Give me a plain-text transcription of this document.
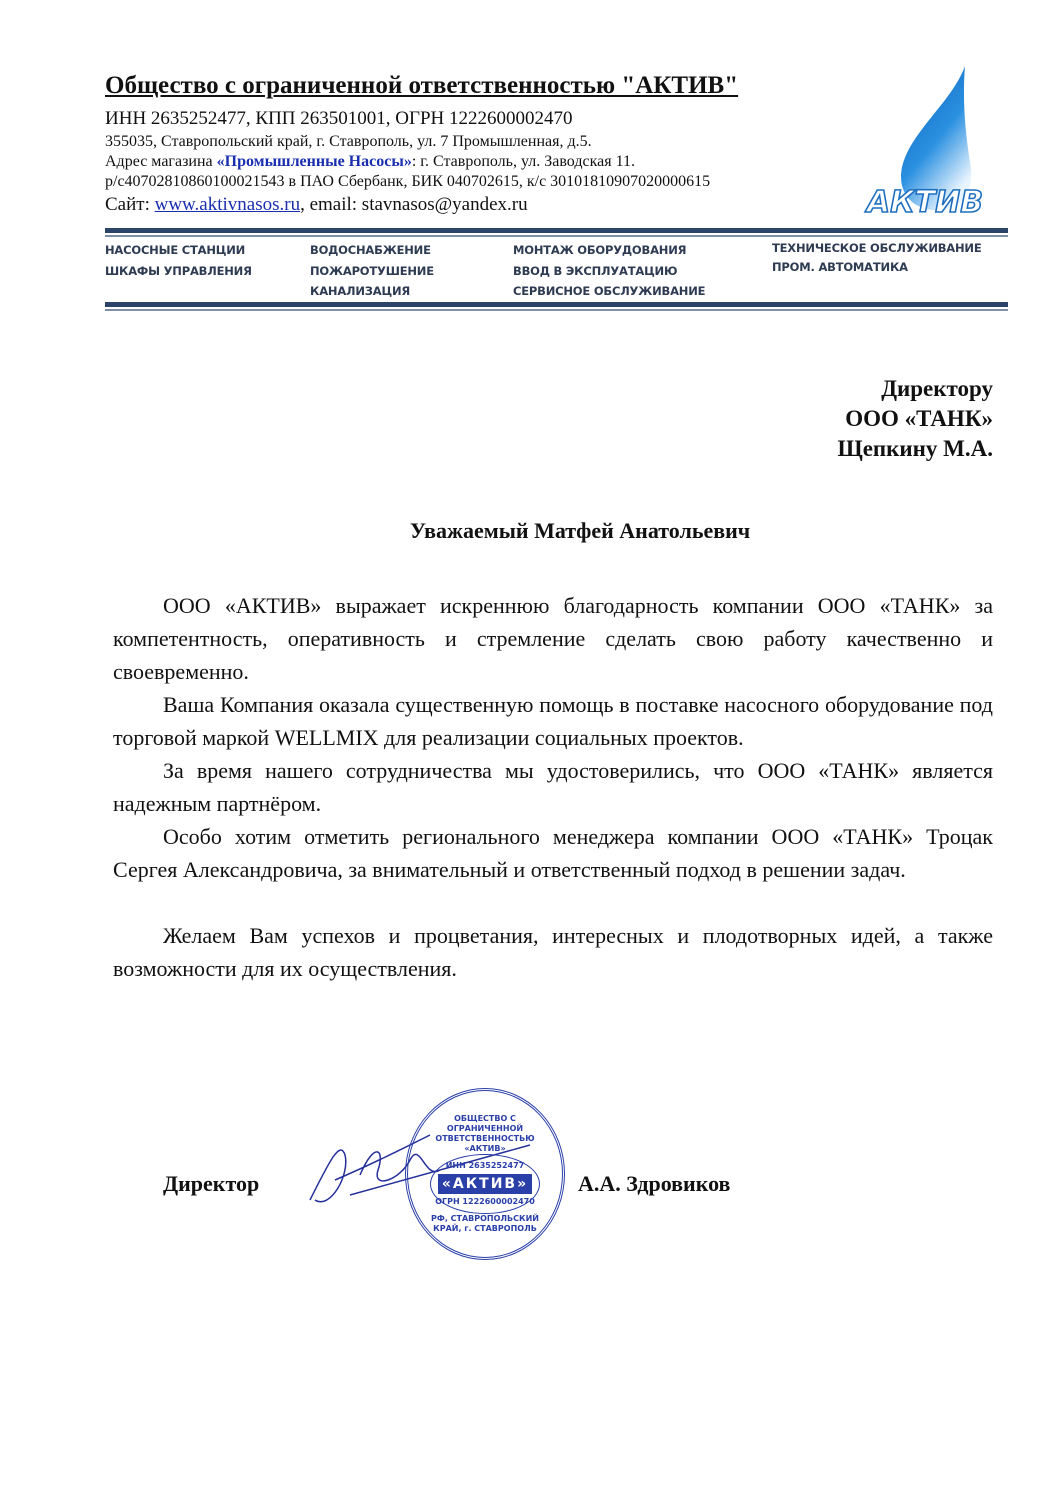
Общество с ограниченной ответственностью "АКТИВ"
ИНН 2635252477, КПП 263501001, ОГРН 1222600002470
355035, Ставропольский край, г. Ставрополь, ул. 7 Промышленная, д.5.
Адрес магазина «Промышленные Насосы»: г. Ставрополь, ул. Заводская 11.
р/с40702810860100021543 в ПАО Сбербанк, БИК 040702615, к/с 30101810907020000615
Сайт: www.aktivnasos.ru, email: stavnasos@yandex.ru	АКТИВ
НАСОСНЫЕ СТАНЦИИ
ШКАФЫ УПРАВЛЕНИЯ
ВОДОСНАБЖЕНИЕ
ПОЖАРОТУШЕНИЕ
КАНАЛИЗАЦИЯ
МОНТАЖ ОБОРУДОВАНИЯ
ВВОД В ЭКСПЛУАТАЦИЮ
СЕРВИСНОЕ ОБСЛУЖИВАНИЕ
ТЕХНИЧЕСКОЕ ОБСЛУЖИВАНИЕ
ПРОМ. АВТОМАТИКА
Директору
ООО «ТАНК»
Щепкину М.А.
Уважаемый Матфей Анатольевич

ООО «АКТИВ» выражает искреннюю благодарность компании ООО «ТАНК» за компетентность, оперативность и стремление сделать свою работу качественно и своевременно.

Ваша Компания оказала существенную помощь в поставке насосного оборудование под торговой маркой WELLMIX для реализации социальных проектов.

За время нашего сотрудничества мы удостоверились, что ООО «ТАНК» является надежным партнёром.

Особо хотим отметить регионального менеджера компании ООО «ТАНК» Троцак Сергея Александровича, за внимательный и ответственный подход в решении задач.

Желаем Вам успехов и процветания, интересных и плодотворных идей, а также возможности для их осуществления.

Директор
ОБЩЕСТВО С ОГРАНИЧЕННОЙ ОТВЕТСТВЕННОСТЬЮ «АКТИВ»
ИНН 2635252477
«АКТИВ»
ОГРН 1222600002470
РФ, СТАВРОПОЛЬСКИЙ КРАЙ, г. СТАВРОПОЛЬ
А.А. Здровиков
